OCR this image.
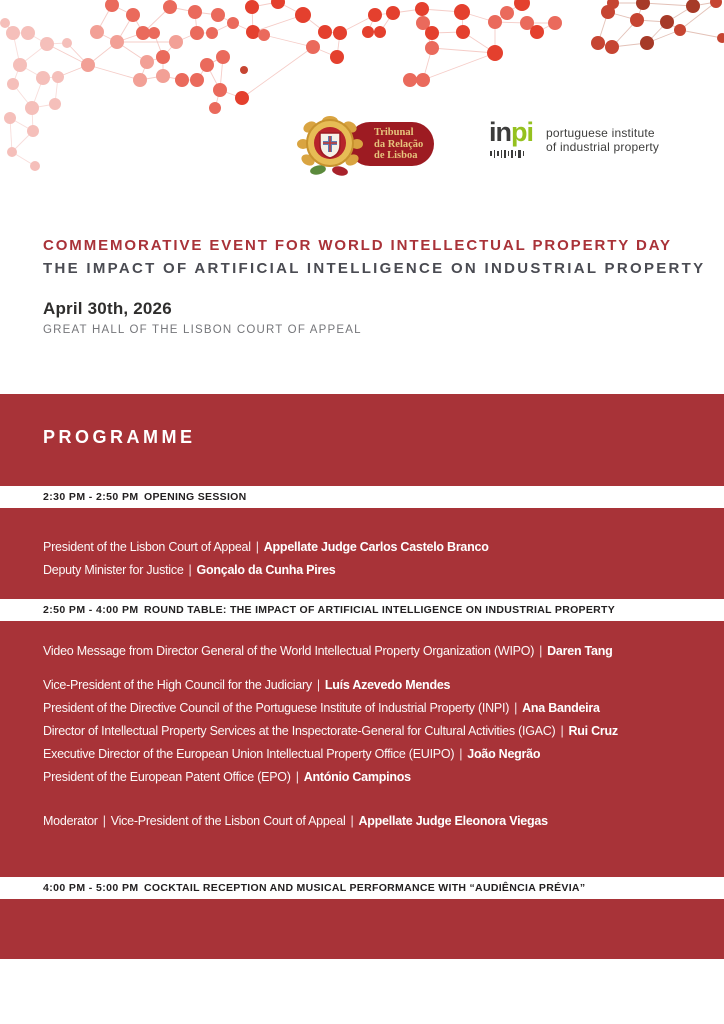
Tribunal
da Relação
de Lisboa
inpi portuguese institute
of industrial property
COMMEMORATIVE EVENT FOR WORLD INTELLECTUAL PROPERTY DAY
THE IMPACT OF ARTIFICIAL INTELLIGENCE ON INDUSTRIAL PROPERTY
April 30th, 2026
GREAT HALL OF THE LISBON COURT OF APPEAL
PROGRAMME
2:30 PM - 2:50 PM OPENING SESSION
President of the Lisbon Court of Appeal | Appellate Judge Carlos Castelo Branco
Deputy Minister for Justice | Gonçalo da Cunha Pires
2:50 PM - 4:00 PM ROUND TABLE: THE IMPACT OF ARTIFICIAL INTELLIGENCE ON INDUSTRIAL PROPERTY
Video Message from Director General of the World Intellectual Property Organization (WIPO) | Daren Tang
Vice-President of the High Council for the Judiciary | Luís Azevedo Mendes
President of the Directive Council of the Portuguese Institute of Industrial Property (INPI) | Ana Bandeira
Director of Intellectual Property Services at the Inspectorate-General for Cultural Activities (IGAC) | Rui Cruz
Executive Director of the European Union Intellectual Property Office (EUIPO) | João Negrão
President of the European Patent Office (EPO) | António Campinos
Moderator | Vice-President of the Lisbon Court of Appeal | Appellate Judge Eleonora Viegas
4:00 PM - 5:00 PM COCKTAIL RECEPTION AND MUSICAL PERFORMANCE WITH “AUDIÊNCIA PRÉVIA”
